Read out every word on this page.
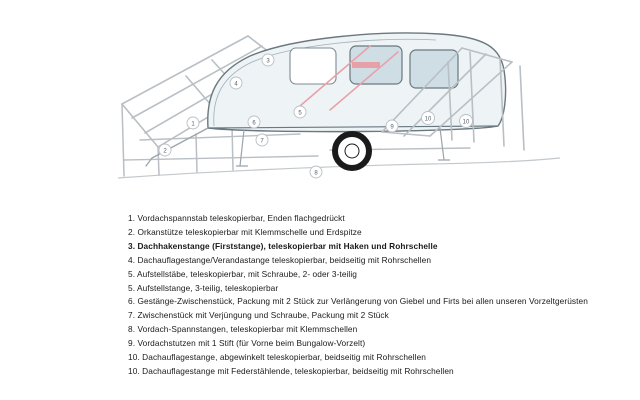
1
2
3
4
5
6
7
8
9
10	10
1. Vordachspannstab teleskopierbar, Enden flachgedrückt
2. Orkanstütze teleskopierbar mit Klemmschelle und Erdspitze
3. Dachhakenstange (Firststange), teleskopierbar mit Haken und Rohrschelle
4. Dachauflagestange/Verandastange teleskopierbar, beidseitig mit Rohrschellen
5. Aufstellstäbe, teleskopierbar, mit Schraube, 2- oder 3-teilig
5. Aufstellstange, 3-teilig, teleskopierbar
6. Gestänge-Zwischenstück, Packung mit 2 Stück zur Verlängerung von Giebel und Firts bei allen unseren Vorzeltgerüsten
7. Zwischenstück mit Verjüngung und Schraube, Packung mit 2 Stück
8. Vordach-Spannstangen, teleskopierbar mit Klemmschellen
9. Vordachstutzen mit 1 Stift (für Vorne beim Bungalow-Vorzelt)
10. Dachauflagestange, abgewinkelt teleskopierbar, beidseitig mit Rohrschellen
10. Dachauflagestange mit Federstählende, teleskopierbar, beidseitig mit Rohrschellen
